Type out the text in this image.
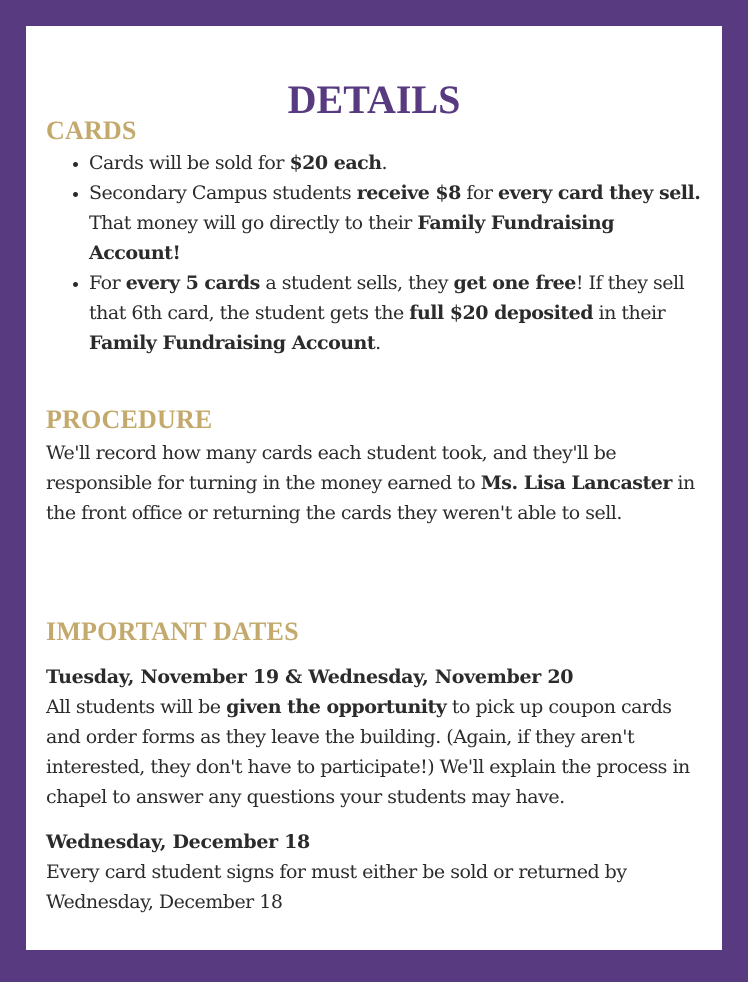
DETAILS
CARDS
• Cards will be sold for $20 each.
• Secondary Campus students receive $8 for every card they sell. That money will go directly to their Family Fundraising Account!
• For every 5 cards a student sells, they get one free! If they sell that 6th card, the student gets the full $20 deposited in their Family Fundraising Account.
PROCEDURE

We'll record how many cards each student took, and they'll be responsible for turning in the money earned to Ms. Lisa Lancaster in the front office or returning the cards they weren't able to sell.

IMPORTANT DATES
Tuesday, November 19 & Wednesday, November 20
All students will be given the opportunity to pick up coupon cards and order forms as they leave the building. (Again, if they aren't interested, they don't have to participate!) We'll explain the process in chapel to answer any questions your students may have.
Wednesday, December 18
Every card student signs for must either be sold or returned by Wednesday, December 18
